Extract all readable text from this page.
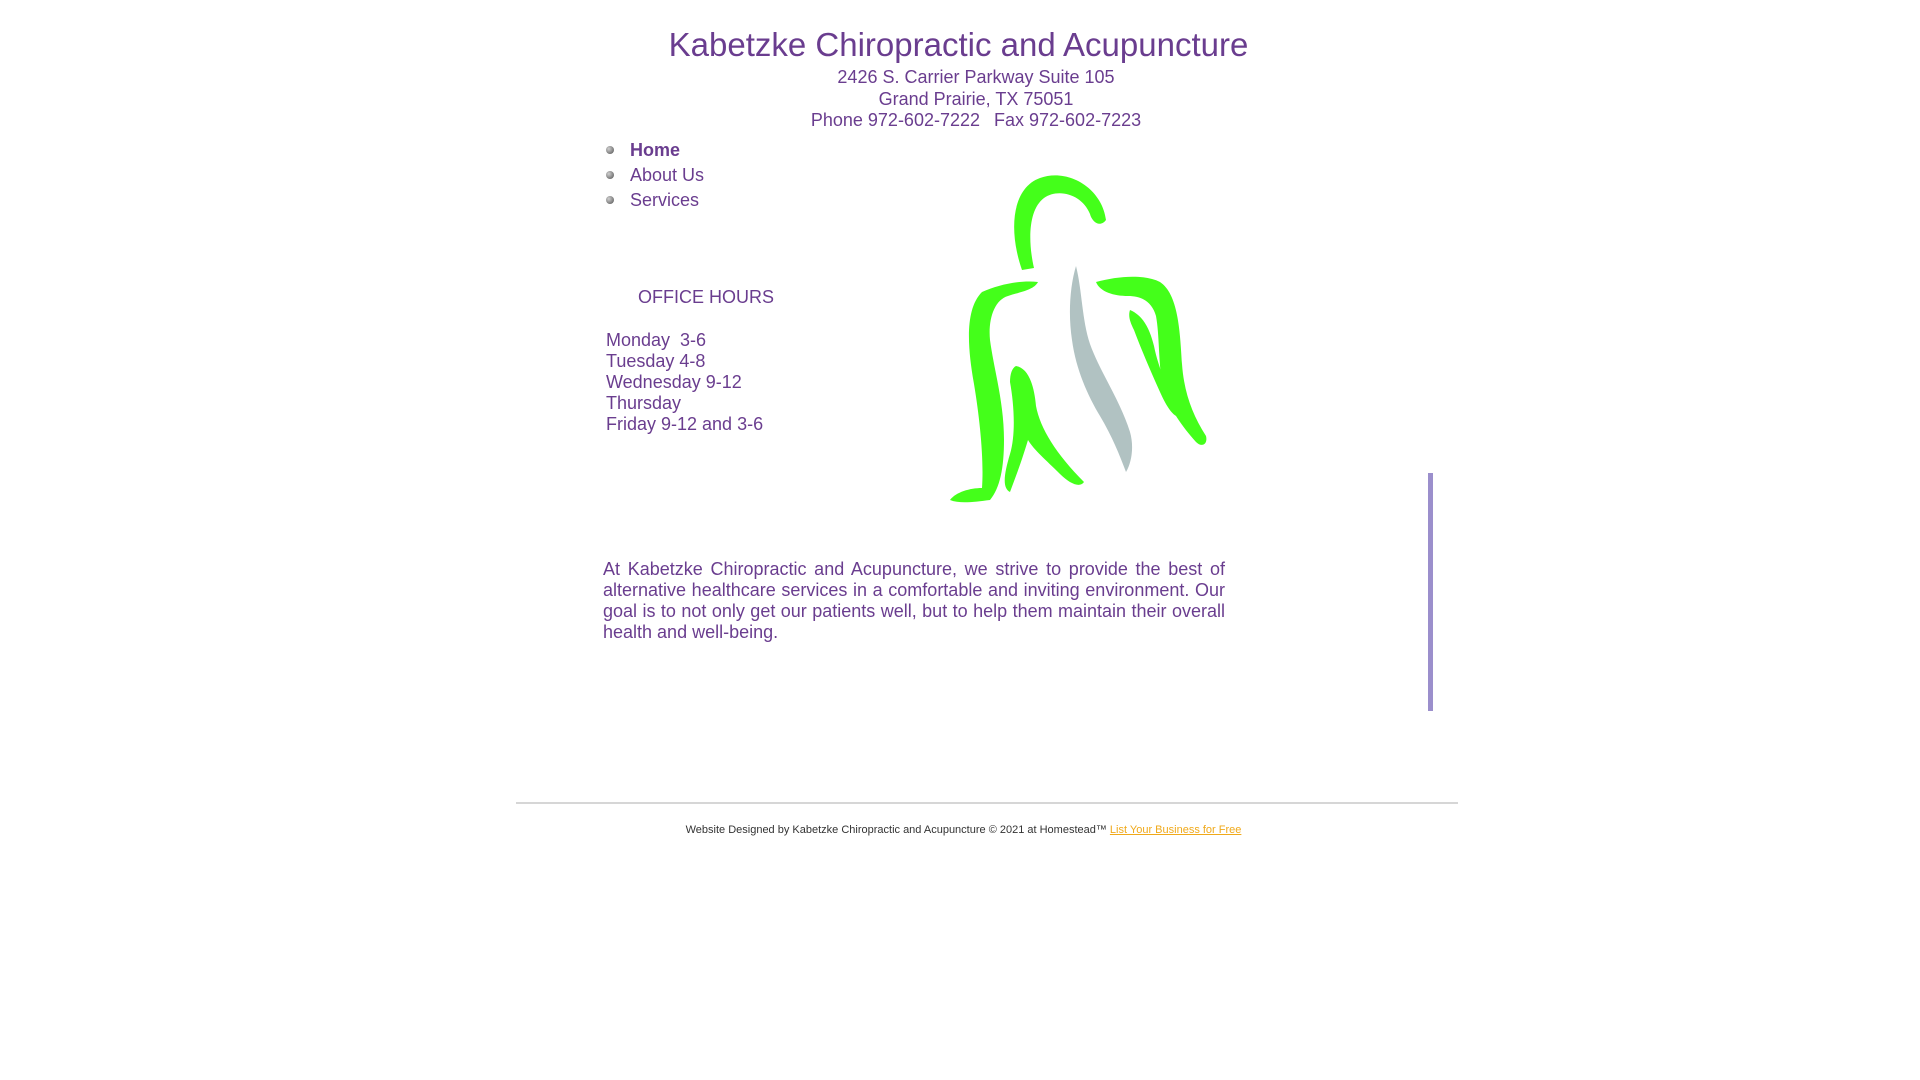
Kabetzke Chiropractic and Acupuncture
2426 S. Carrier Parkway Suite 105
Grand Prairie, TX 75051
Phone 972-602-7222 Fax 972-602-7223
Home
About Us
Services
OFFICE HOURS
Monday  3-6
Tuesday 4-8
Wednesday 9-12
Thursday
Friday 9-12 and 3-6
At Kabetzke Chiropractic and Acupuncture, we strive to provide the best of alternative healthcare services in a comfortable and inviting environment. Our goal is to not only get our patients well, but to help them maintain their overall health and well-being.
Website Designed by Kabetzke Chiropractic and Acupuncture © 2021 at Homestead™ List Your Business for Free
